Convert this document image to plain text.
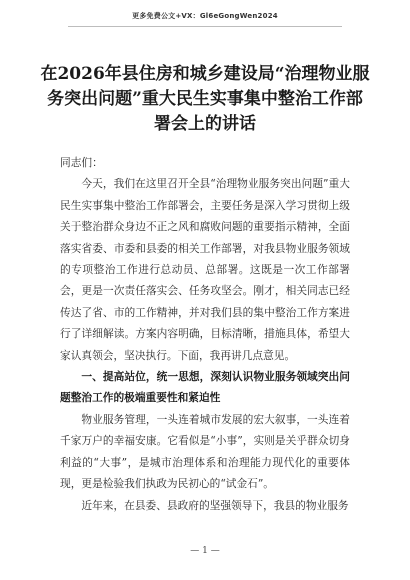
更多免费公文+VX：Gl6eGongWen2024
在2026年县住房和城乡建设局“治理物业服务突出问题”重大民生实事集中整治工作部署会上的讲话

同志们：

今天，我们在这里召开全县“治理物业服务突出问题”重大民生实事集中整治工作部署会，主要任务是深入学习贯彻上级关于整治群众身边不正之风和腐败问题的重要指示精神，全面落实省委、市委和县委的相关工作部署，对我县物业服务领域的专项整治工作进行总动员、总部署。这既是一次工作部署会，更是一次责任落实会、任务攻坚会。刚才，相关同志已经传达了省、市的工作精神，并对我们县的集中整治工作方案进行了详细解读。方案内容明确，目标清晰，措施具体，希望大家认真领会，坚决执行。下面，我再讲几点意见。

一、提高站位，统一思想，深刻认识物业服务领域突出问题整治工作的极端重要性和紧迫性

物业服务管理，一头连着城市发展的宏大叙事，一头连着千家万户的幸福安康。它看似是“小事”，实则是关乎群众切身利益的“大事”，是城市治理体系和治理能力现代化的重要体现，更是检验我们执政为民初心的“试金石”。

近年来，在县委、县政府的坚强领导下，我县的物业服务

— 1 —
